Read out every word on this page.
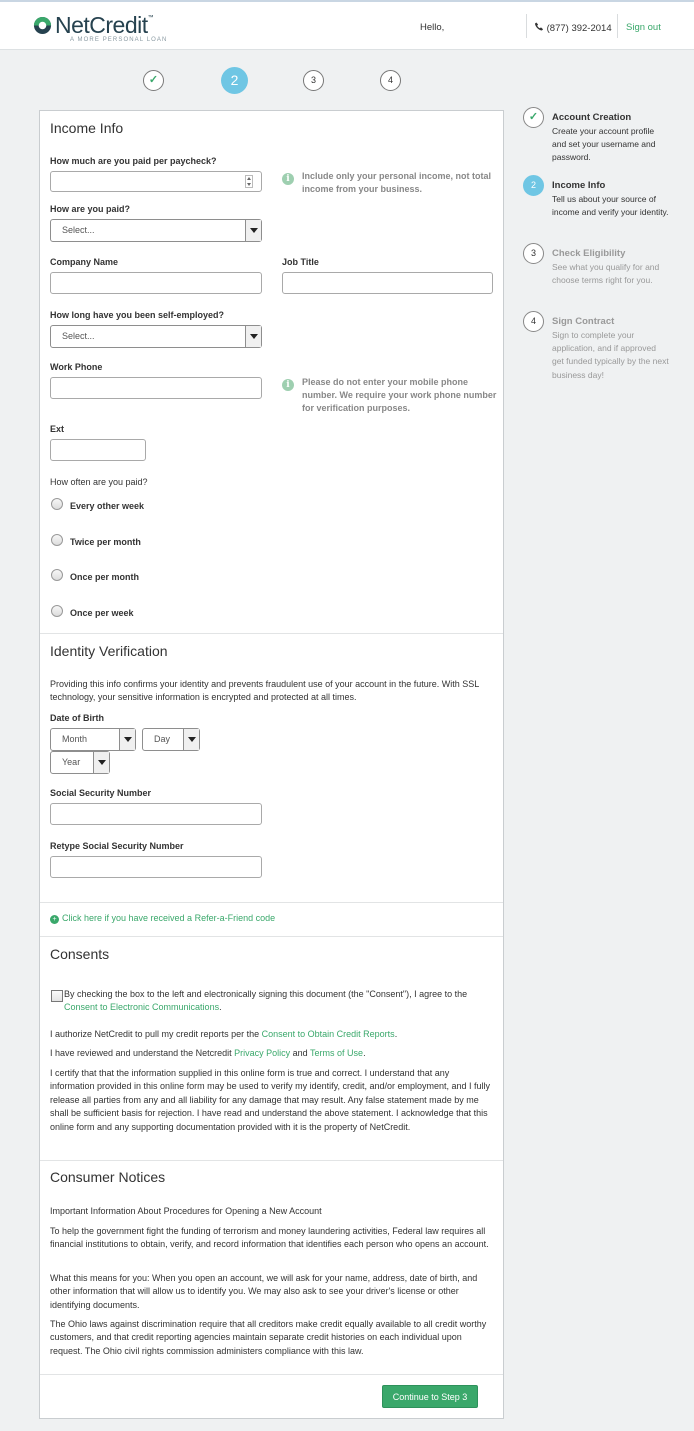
NetCredit™
A MORE PERSONAL LOAN
Hello,	(877) 392-2014 Sign out
✓	2	3	4
Income Info
How much are you paid per paycheck?
i	Include only your personal income, not total income from your business.
How are you paid?
Select...
Company Name	Job Title
How long have you been self-employed?
Select...
Work Phone
i	Please do not enter your mobile phone number. We require your work phone number for verification purposes.
Ext
How often are you paid?
Every other week
Twice per month
Once per month
Once per week
Identity Verification
Providing this info confirms your identity and prevents fraudulent use of your account in the future. With SSL technology, your sensitive information is encrypted and protected at all times.
Date of Birth
Month	Day
Year
Social Security Number
Retype Social Security Number
+ Click here if you have received a Refer-a-Friend code
Consents
By checking the box to the left and electronically signing this document (the "Consent"), I agree to the Consent to Electronic Communications.
I authorize NetCredit to pull my credit reports per the Consent to Obtain Credit Reports.
I have reviewed and understand the Netcredit Privacy Policy and Terms of Use.
I certify that that the information supplied in this online form is true and correct. I understand that any information provided in this online form may be used to verify my identify, credit, and/or employment, and I fully release all parties from any and all liability for any damage that may result. Any false statement made by me shall be sufficient basis for rejection. I have read and understand the above statement. I acknowledge that this online form and any supporting documentation provided with it is the property of NetCredit.
Consumer Notices
Important Information About Procedures for Opening a New Account
To help the government fight the funding of terrorism and money laundering activities, Federal law requires all financial institutions to obtain, verify, and record information that identifies each person who opens an account.
What this means for you: When you open an account, we will ask for your name, address, date of birth, and other information that will allow us to identify you. We may also ask to see your driver's license or other identifying documents.
The Ohio laws against discrimination require that all creditors make credit equally available to all credit worthy customers, and that credit reporting agencies maintain separate credit histories on each individual upon request. The Ohio civil rights commission administers compliance with this law.
Continue to Step 3
✓	Account Creation
Create your account profile and set your username and password.
2	Income Info
Tell us about your source of income and verify your identity.
3	Check Eligibility
See what you qualify for and choose terms right for you.
4	Sign Contract
Sign to complete your application, and if approved get funded typically by the next business day!
